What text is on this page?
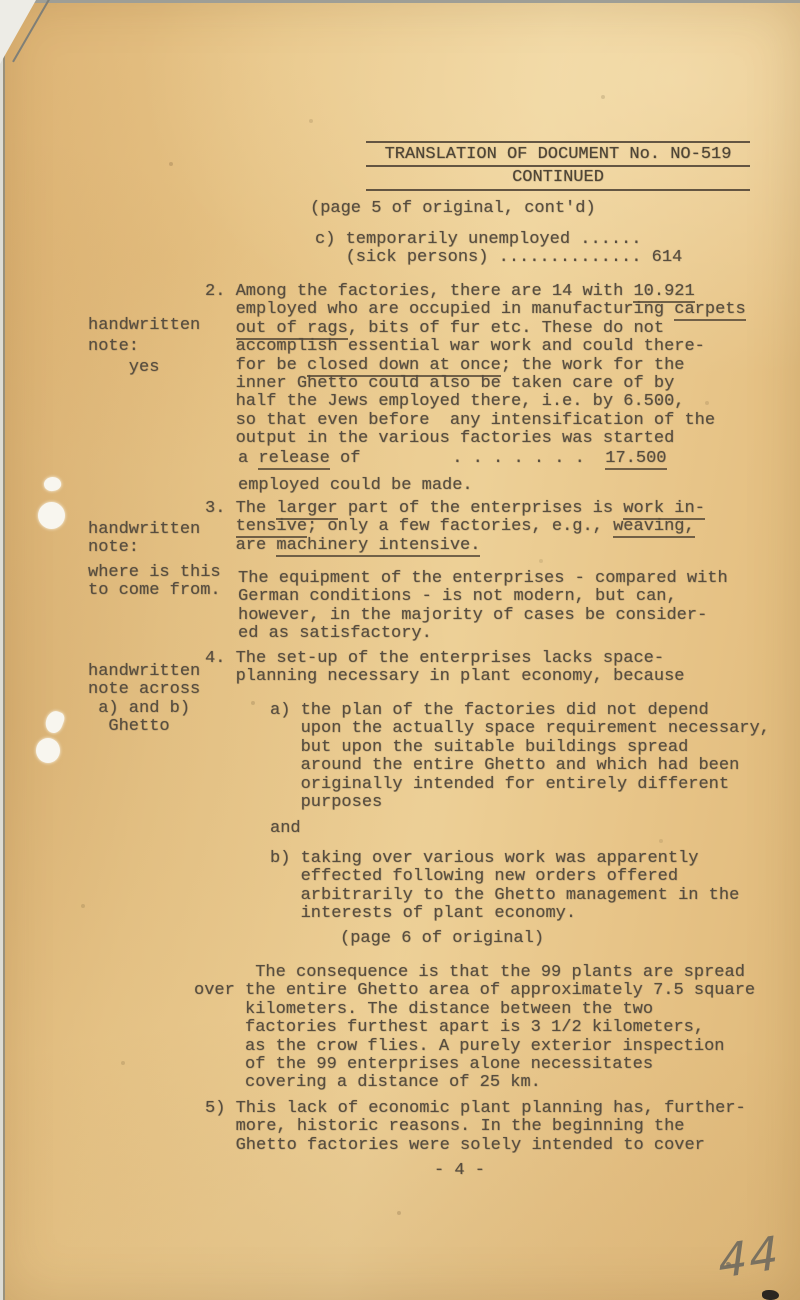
TRANSLATION OF DOCUMENT No. NO-519
CONTINUED
(page 5 of original, cont'd)
c) temporarily unemployed ......
(sick persons) .............. 614
2. Among the factories, there are 14 with 10.921
employed who are occupied in manufacturing carpets
out of rags, bits of fur etc. These do not
accomplish essential war work and could there-
for be closed down at once; the work for the
inner Ghetto could also be taken care of by
half the Jews employed there, i.e. by 6.500,
so that even before  any intensification of the
output in the various factories was started
a release of         . . . . . . .  17.500
employed could be made.
3. The larger part of the enterprises is work in-
tensive; only a few factories, e.g., weaving,
are machinery intensive.
The equipment of the enterprises - compared with
German conditions - is not modern, but can,
however, in the majority of cases be consider-
ed as satisfactory.
4. The set-up of the enterprises lacks space-
planning necessary in plant economy, because
a) the plan of the factories did not depend
upon the actually space requirement necessary,
but upon the suitable buildings spread
around the entire Ghetto and which had been
originally intended for entirely different
purposes
and
b) taking over various work was apparently
effected following new orders offered
arbitrarily to the Ghetto management in the
interests of plant economy.
(page 6 of original)
The consequence is that the 99 plants are spread
over the entire Ghetto area of approximately 7.5 square
kilometers. The distance between the two
factories furthest apart is 3 1/2 kilometers,
as the crow flies. A purely exterior inspection
of the 99 enterprises alone necessitates
covering a distance of 25 km.
5) This lack of economic plant planning has, further-
more, historic reasons. In the beginning the
Ghetto factories were solely intended to cover
- 4 -
handwritten
note:
yes
handwritten
note:
where is this
to come from.
handwritten
note across
a) and b)
Ghetto
44
